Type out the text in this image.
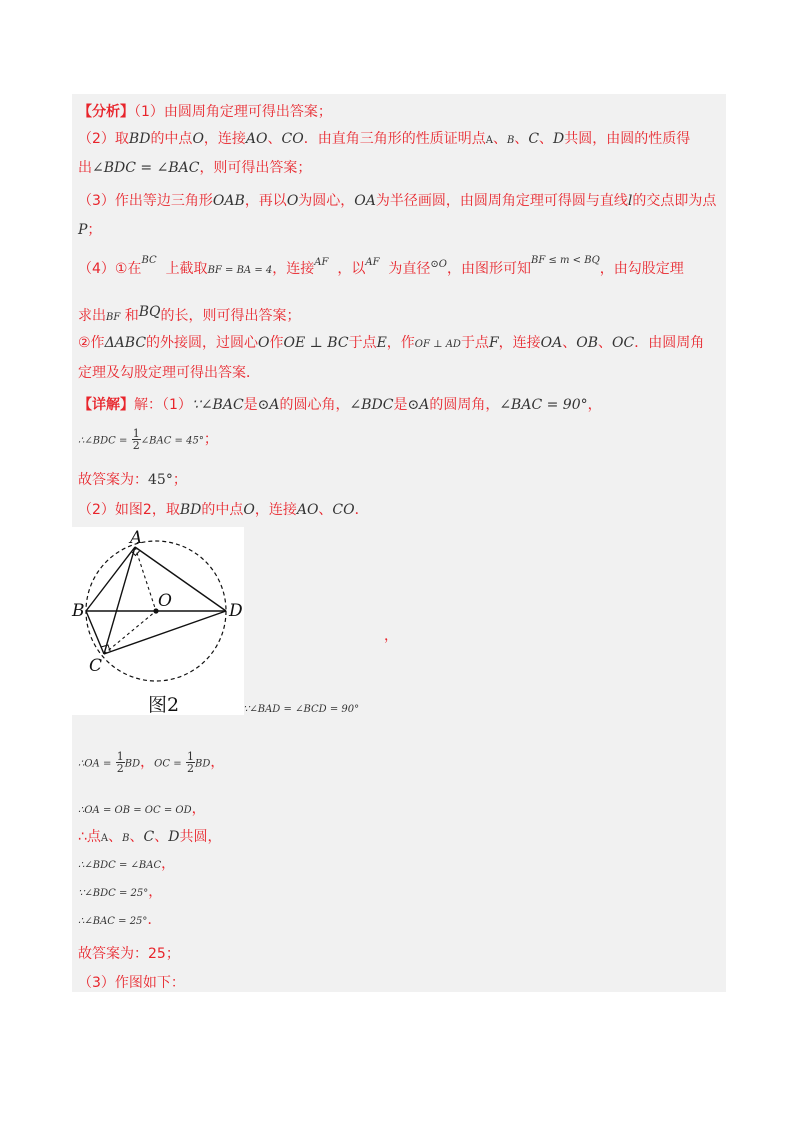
【分析】（1）由圆周角定理可得出答案；
（2）取BD的中点O，连接AO、CO．由直角三角形的性质证明点A、B、C、D共圆，由圆的性质得
出∠BDC = ∠BAC，则可得出答案；
（3）作出等边三角形OAB，再以O为圆心，OA为半径画圆，由圆周角定理可得圆与直线l的交点即为点
P；
（4）①在$^{BC}$  上截取BF = BA = 4，连接$^{AF}$ ，以$^{AF}$ 为直径$^{⊙O}$，由图形可知$^{BF \le m < BQ}$，由勾股定理
求出BF 和BQ的长，则可得出答案；
②作ΔABC的外接圆，过圆心O作OE ⊥ BC于点E，作OF ⊥ AD于点F，连接OA、OB、OC．由圆周角
定理及勾股定理可得出答案．
【详解】解：（1）∵∠BAC是⊙A的圆心角，∠BDC是⊙A的圆周角，∠BAC = 90°，
∴∠BDC = $\frac{1}{2}$ ∠BAC = 45°；
故答案为：45°；
（2）如图2，取BD的中点O，连接AO、CO．
A
B
C
D
O
图2
，
∵∠BAD = ∠BCD = 90°
∴OA = $\frac{1}{2}$ BD，OC = $\frac{1}{2}$ BD，
∴OA = OB = OC = OD，
∴点A、B、C、D共圆，
∴∠BDC = ∠BAC，
∵∠BDC = 25°，
∴∠BAC = 25°．
故答案为：25；
（3）作图如下：
